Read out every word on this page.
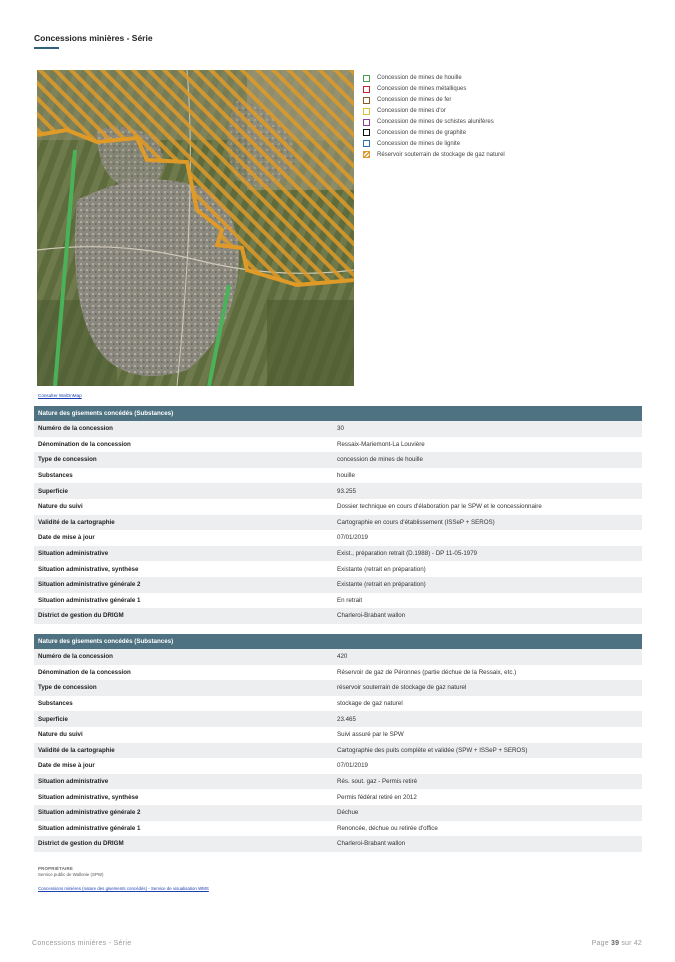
Concessions minières - Série
Concession de mines de houille
Concession de mines métalliques
Concession de mines de fer
Concession de mines d'or
Concession de mines de schistes alunifères
Concession de mines de graphite
Concession de mines de lignite
Réservoir souterrain de stockage de gaz naturel
Consulter WalOnMap
Nature des gisements concédés (Substances)
Numéro de la concession	30
Dénomination de la concession	Ressaix-Mariemont-La Louvière
Type de concession	concession de mines de houille
Substances	houille
Superficie	93.255
Nature du suivi	Dossier technique en cours d'élaboration par le SPW et le concessionnaire
Validité de la cartographie	Cartographie en cours d'établissement (ISSeP + SEROS)
Date de mise à jour	07/01/2019
Situation administrative	Exist., préparation retrait (D.1988) - DP 11-05-1979
Situation administrative, synthèse	Existante (retrait en préparation)
Situation administrative générale 2	Existante (retrait en préparation)
Situation administrative générale 1	En retrait
District de gestion du DRIGM	Charleroi-Brabant wallon
Nature des gisements concédés (Substances)
Numéro de la concession	420
Dénomination de la concession	Réservoir de gaz de Péronnes (partie déchue de la Ressaix, etc.)
Type de concession	réservoir souterrain de stockage de gaz naturel
Substances	stockage de gaz naturel
Superficie	23.465
Nature du suivi	Suivi assuré par le SPW
Validité de la cartographie	Cartographie des puits complète et validée (SPW + ISSeP + SEROS)
Date de mise à jour	07/01/2019
Situation administrative	Rés. sout. gaz - Permis retiré
Situation administrative, synthèse	Permis fédéral retiré en 2012
Situation administrative générale 2	Déchue
Situation administrative générale 1	Renoncée, déchue ou retirée d'office
District de gestion du DRIGM	Charleroi-Brabant wallon
PROPRIÉTAIRE
Service public de Wallonie (SPW)
Concessions minières (nature des gisements concédés) - Service de visualisation WMS
Concessions minières - Série	Page 39 sur 42
